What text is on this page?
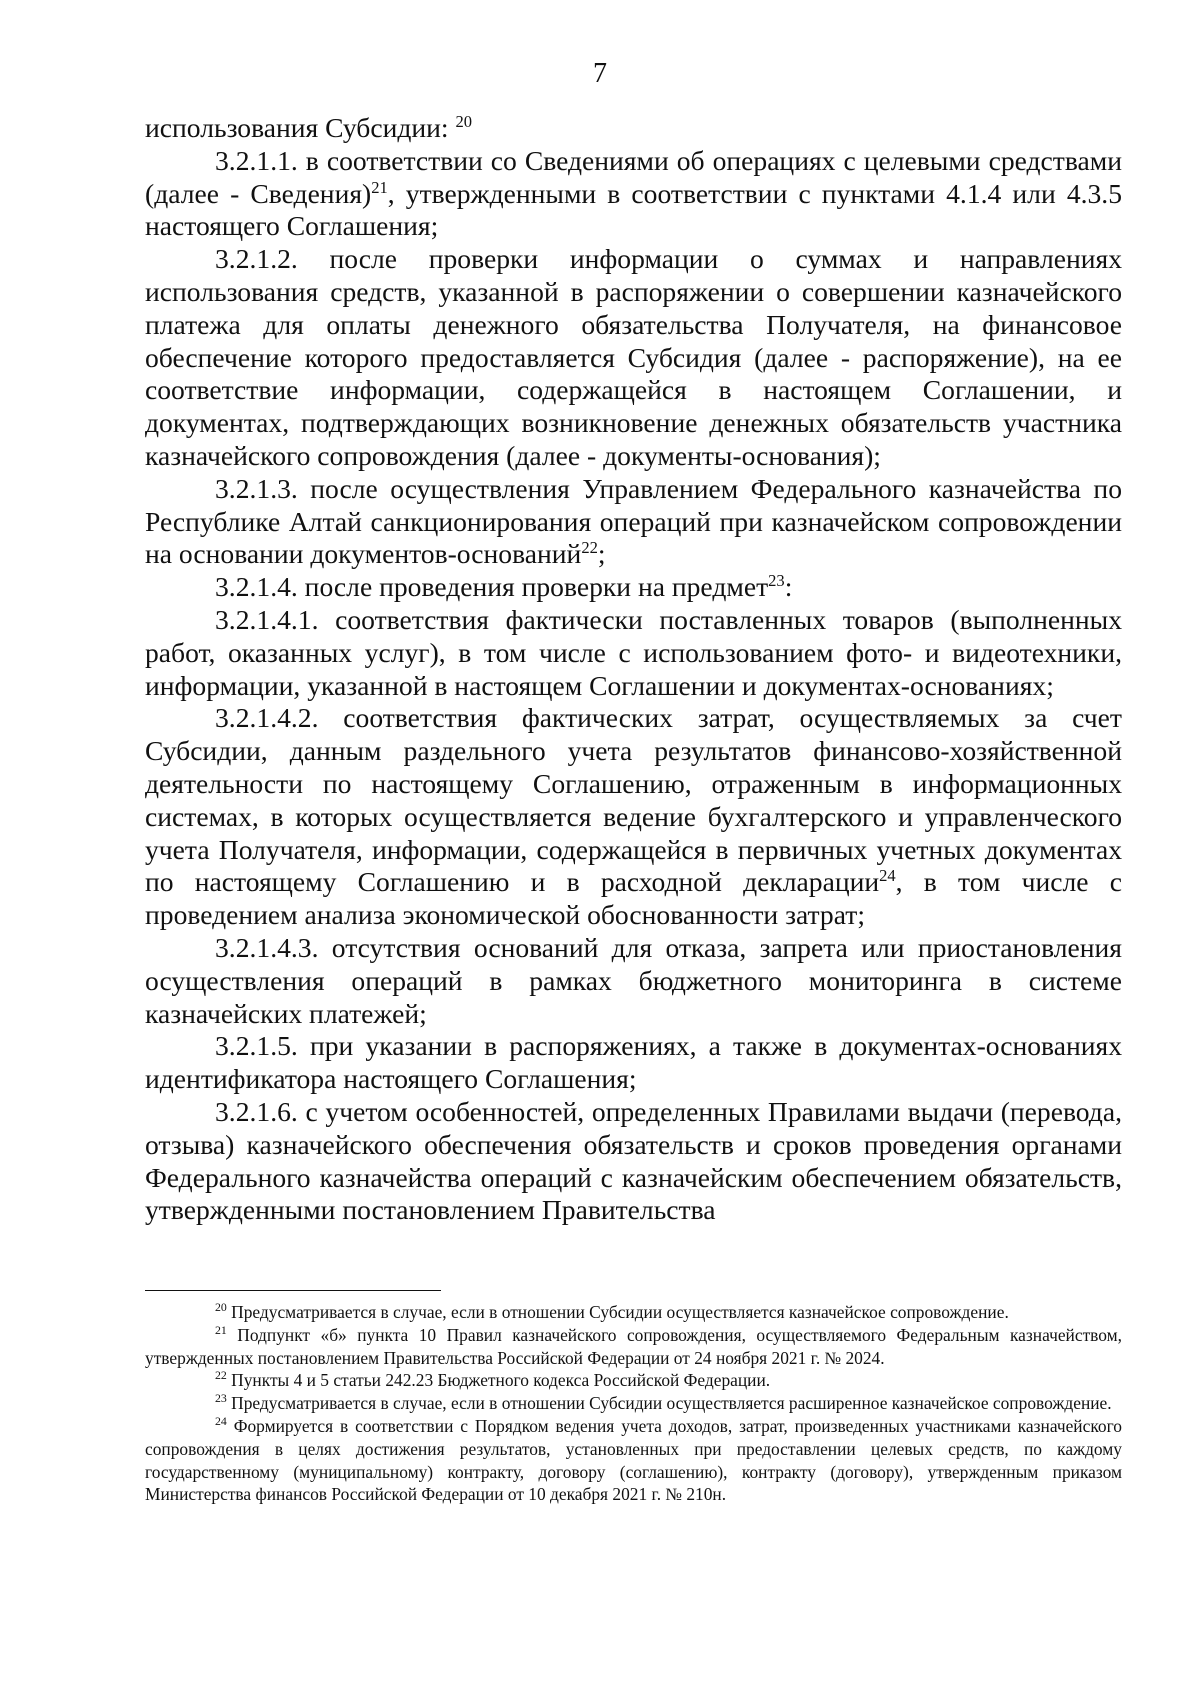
7

использования Субсидии: $^{20}$

3.2.1.1. в соответствии со Сведениями об операциях с целевыми средствами (далее - Сведения)$^{21}$, утвержденными в соответствии с пунктами 4.1.4 или 4.3.5 настоящего Соглашения;

3.2.1.2. после проверки информации о суммах и направлениях использования средств, указанной в распоряжении о совершении казначейского платежа для оплаты денежного обязательства Получателя, на финансовое обеспечение которого предоставляется Субсидия (далее - распоряжение), на ее соответствие информации, содержащейся в настоящем Соглашении, и документах, подтверждающих возникновение денежных обязательств участника казначейского сопровождения (далее - документы-основания);

3.2.1.3. после осуществления Управлением Федерального казначейства по Республике Алтай санкционирования операций при казначейском сопровождении на основании документов-оснований$^{22}$;

3.2.1.4. после проведения проверки на предмет$^{23}$:

3.2.1.4.1. соответствия фактически поставленных товаров (выполненных работ, оказанных услуг), в том числе с использованием фото- и видеотехники, информации, указанной в настоящем Соглашении и документах-основаниях;

3.2.1.4.2. соответствия фактических затрат, осуществляемых за счет Субсидии, данным раздельного учета результатов финансово-хозяйственной деятельности по настоящему Соглашению, отраженным в информационных системах, в которых осуществляется ведение бухгалтерского и управленческого учета Получателя, информации, содержащейся в первичных учетных документах по настоящему Соглашению и в расходной декларации$^{24}$, в том числе с проведением анализа экономической обоснованности затрат;

3.2.1.4.3. отсутствия оснований для отказа, запрета или приостановления осуществления операций в рамках бюджетного мониторинга в системе казначейских платежей;

3.2.1.5. при указании в распоряжениях, а также в документах-основаниях идентификатора настоящего Соглашения;

3.2.1.6. с учетом особенностей, определенных Правилами выдачи (перевода, отзыва) казначейского обеспечения обязательств и сроков проведения органами Федерального казначейства операций с казначейским обеспечением обязательств, утвержденными постановлением Правительства

$^{20}$ Предусматривается в случае, если в отношении Субсидии осуществляется казначейское сопровождение.

$^{21}$ Подпункт «б» пункта 10 Правил казначейского сопровождения, осуществляемого Федеральным казначейством, утвержденных постановлением Правительства Российской Федерации от 24 ноября 2021 г. № 2024.

$^{22}$ Пункты 4 и 5 статьи 242.23 Бюджетного кодекса Российской Федерации.

$^{23}$ Предусматривается в случае, если в отношении Субсидии осуществляется расширенное казначейское сопровождение.

$^{24}$ Формируется в соответствии с Порядком ведения учета доходов, затрат, произведенных участниками казначейского сопровождения в целях достижения результатов, установленных при предоставлении целевых средств, по каждому государственному (муниципальному) контракту, договору (соглашению), контракту (договору), утвержденным приказом Министерства финансов Российской Федерации от 10 декабря 2021 г. № 210н.
